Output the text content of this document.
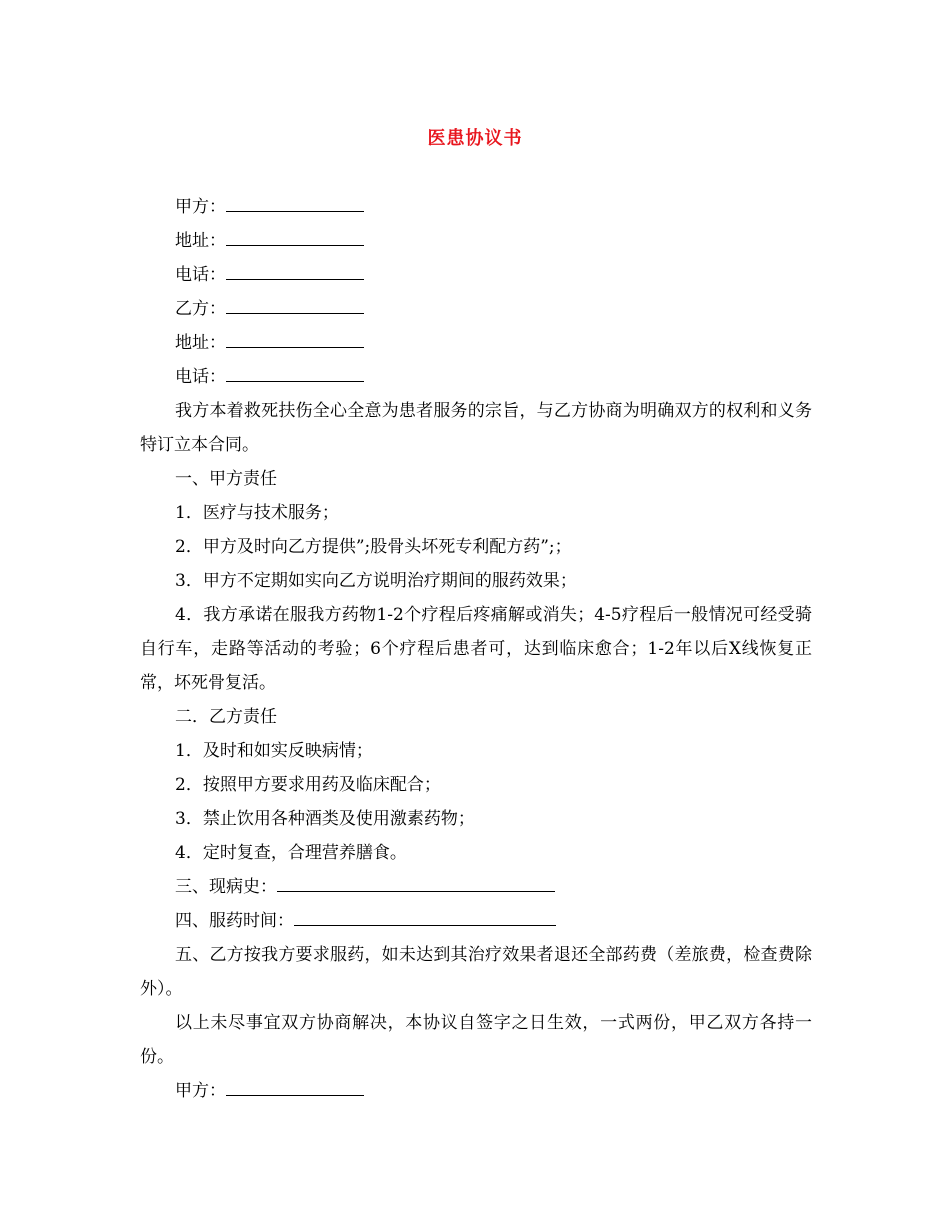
医患协议书
甲方：
地址：
电话：
乙方：
地址：
电话：
我方本着救死扶伤全心全意为患者服务的宗旨，与乙方协商为明确双方的权利和义务特订立本合同。
一、甲方责任
1．医疗与技术服务；
2．甲方及时向乙方提供”;股骨头坏死专利配方药”;；
3．甲方不定期如实向乙方说明治疗期间的服药效果；
4．我方承诺在服我方药物1-2个疗程后疼痛解或消失；4-5疗程后一般情况可经受骑自行车，走路等活动的考验；6个疗程后患者可，达到临床愈合；1-2年以后X线恢复正常，坏死骨复活。
二．乙方责任
1．及时和如实反映病情；
2．按照甲方要求用药及临床配合；
3．禁止饮用各种酒类及使用激素药物；
4．定时复查，合理营养膳食。
三、现病史：
四、服药时间：
五、乙方按我方要求服药，如未达到其治疗效果者退还全部药费（差旅费，检查费除外）。
以上未尽事宜双方协商解决，本协议自签字之日生效，一式两份，甲乙双方各持一份。
甲方：
